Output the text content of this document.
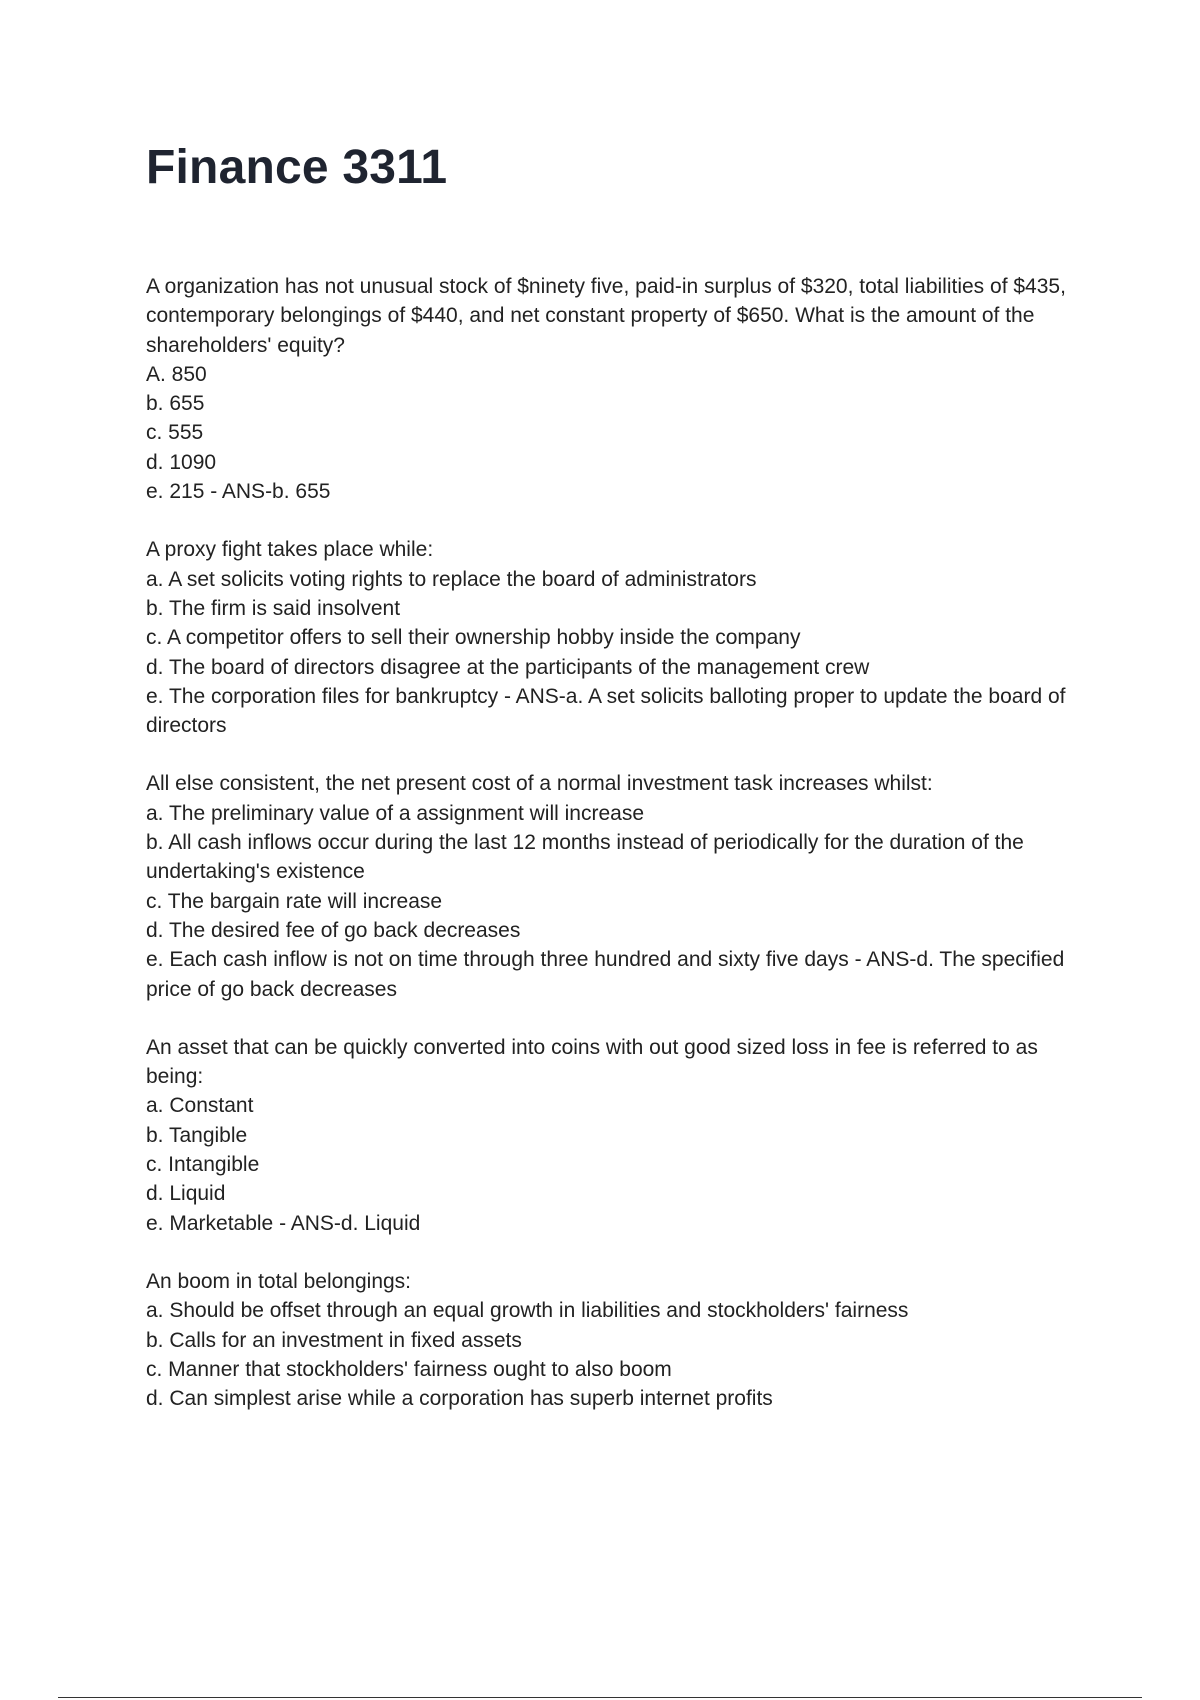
Finance 3311
A organization has not unusual stock of $ninety five, paid-in surplus of $320, total liabilities of $435, contemporary belongings of $440, and net constant property of $650. What is the amount of the shareholders' equity?
A. 850
b. 655
c. 555
d. 1090
e. 215 - ANS-b. 655
A proxy fight takes place while:
a. A set solicits voting rights to replace the board of administrators
b. The firm is said insolvent
c. A competitor offers to sell their ownership hobby inside the company
d. The board of directors disagree at the participants of the management crew
e. The corporation files for bankruptcy - ANS-a. A set solicits balloting proper to update the board of directors
All else consistent, the net present cost of a normal investment task increases whilst:
a. The preliminary value of a assignment will increase
b. All cash inflows occur during the last 12 months instead of periodically for the duration of the undertaking's existence
c. The bargain rate will increase
d. The desired fee of go back decreases
e. Each cash inflow is not on time through three hundred and sixty five days - ANS-d. The specified price of go back decreases
An asset that can be quickly converted into coins with out good sized loss in fee is referred to as being:
a. Constant
b. Tangible
c. Intangible
d. Liquid
e. Marketable - ANS-d. Liquid
An boom in total belongings:
a. Should be offset through an equal growth in liabilities and stockholders' fairness
b. Calls for an investment in fixed assets
c. Manner that stockholders' fairness ought to also boom
d. Can simplest arise while a corporation has superb internet profits
